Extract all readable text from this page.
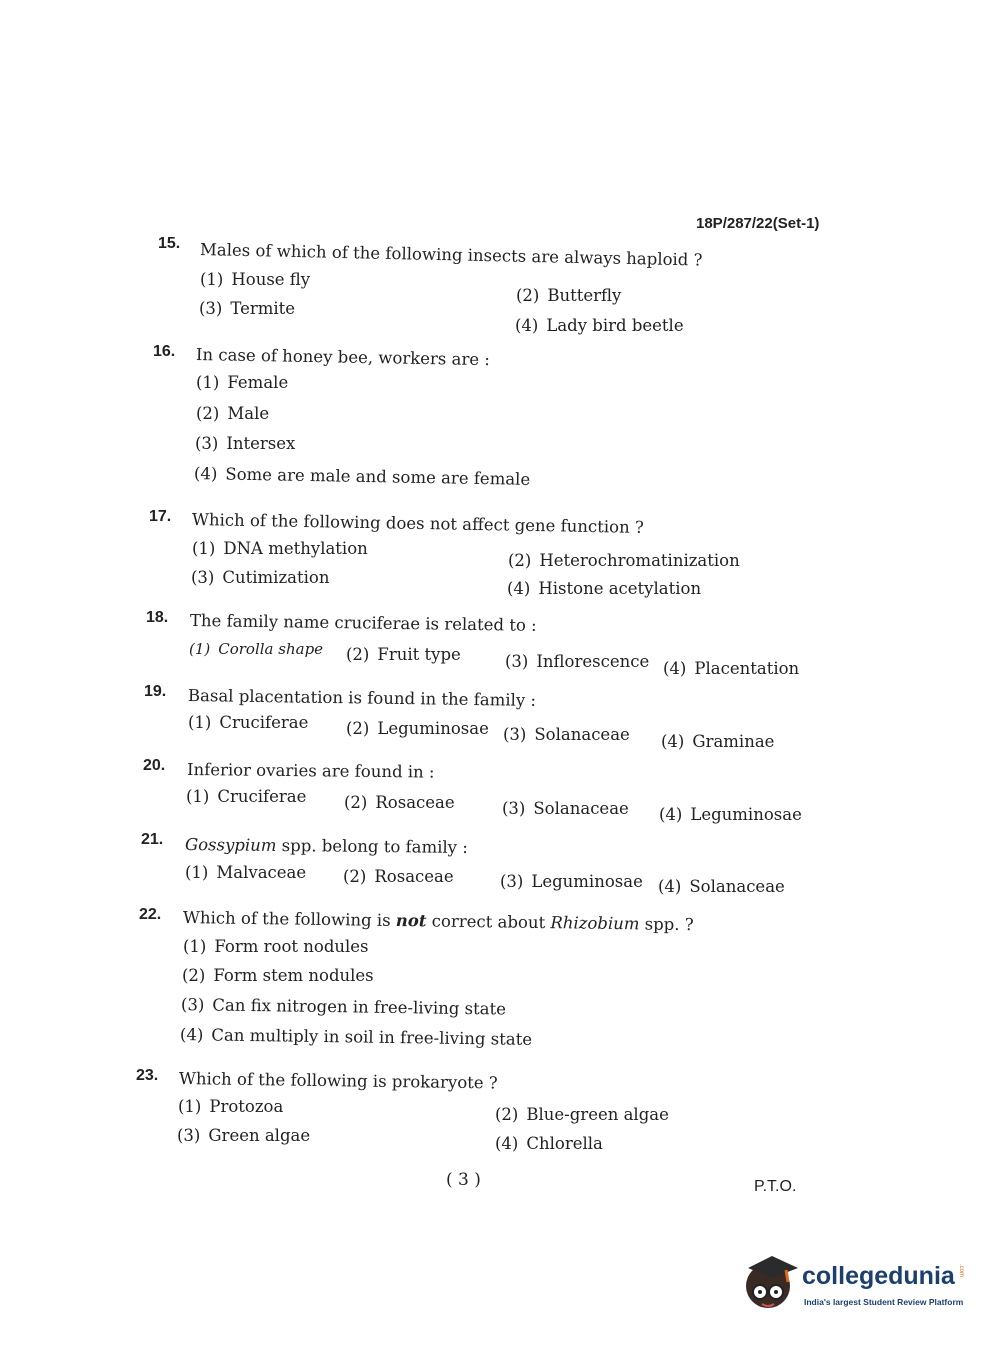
18P/287/22(Set-1)
15. Males of which of the following insects are always haploid ?
(1) House fly
(2) Butterfly
(3) Termite
(4) Lady bird beetle
16. In case of honey bee, workers are :
(1) Female
(2) Male
(3) Intersex
(4) Some are male and some are female
17. Which of the following does not affect gene function ?
(1) DNA methylation
(2) Heterochromatinization
(3) Cutimization
(4) Histone acetylation
18. The family name cruciferae is related to :
(1) Corolla shape (2) Fruit type	(3) Inflorescence (4) Placentation
19. Basal placentation is found in the family :
(1) Cruciferae (2) Leguminosae (3) Solanaceae (4) Graminae
20. Inferior ovaries are found in :
(1) Cruciferae (2) Rosaceae	(3) Solanaceae (4) Leguminosae
21. Gossypium spp. belong to family :
(1) Malvaceae (2) Rosaceae	(3) Leguminosae (4) Solanaceae
22. Which of the following is not correct about Rhizobium spp. ?
(1) Form root nodules
(2) Form stem nodules
(3) Can fix nitrogen in free-living state
(4) Can multiply in soil in free-living state
23. Which of the following is prokaryote ?
(1) Protozoa	(2) Blue-green algae
(3) Green algae	(4) Chlorella
( 3 )	P.T.O.
collegedunia .com
India's largest Student Review Platform
